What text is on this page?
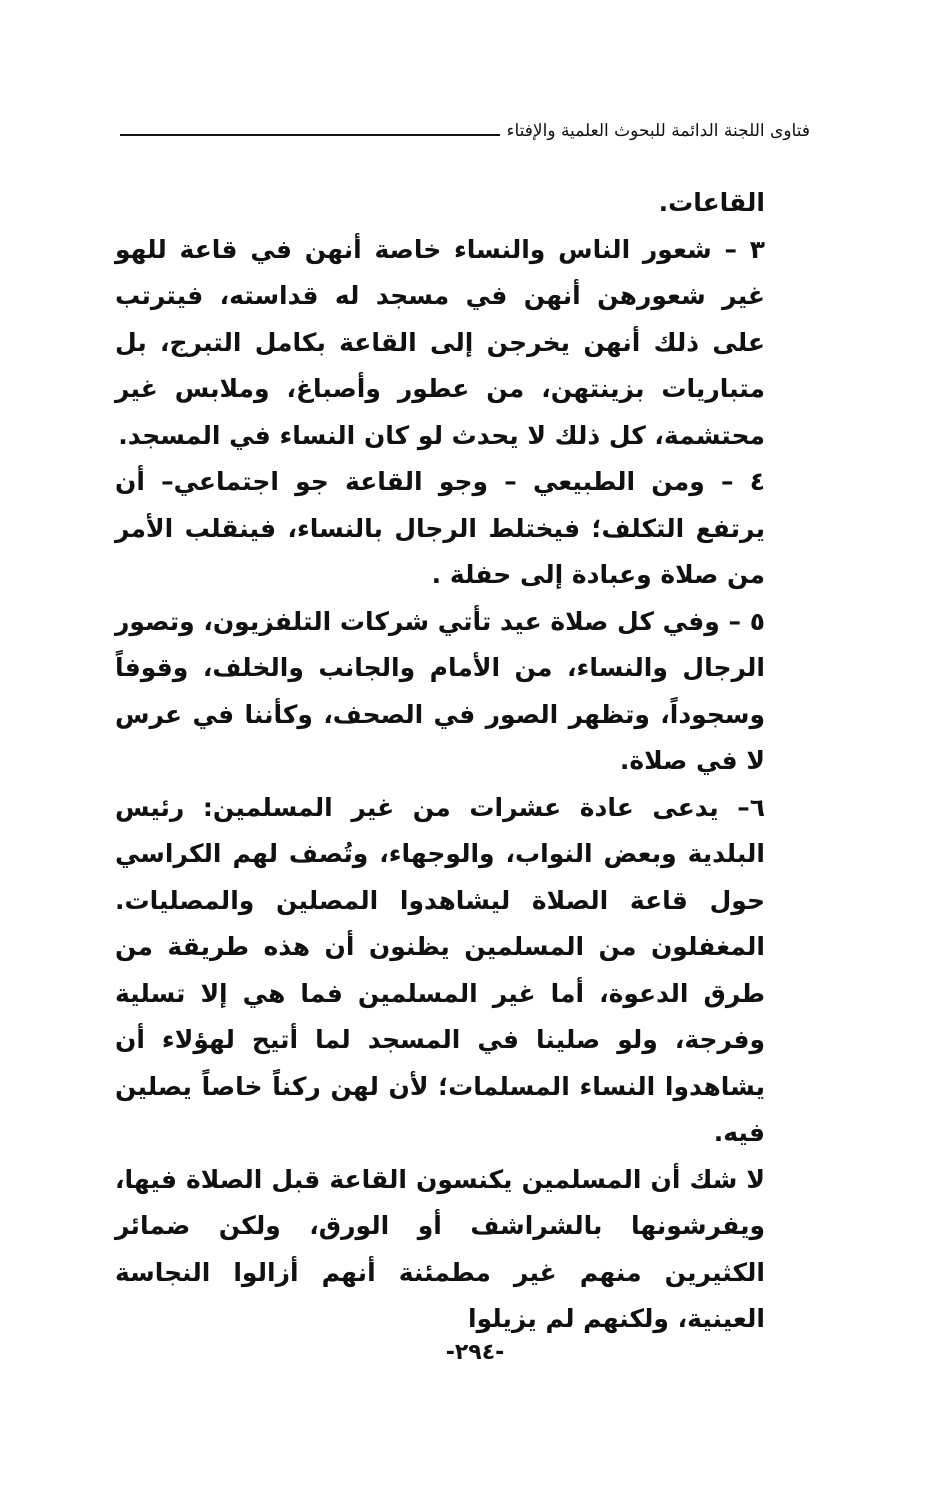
فتاوى اللجنة الدائمة للبحوث العلمية والإفتاء

القاعات.

٣ – شعور الناس والنساء خاصة أنهن في قاعة للهو غير شعورهن أنهن في مسجد له قداسته، فيترتب على ذلك أنهن يخرجن إلى القاعة بكامل التبرج، بل متباريات بزينتهن، من عطور وأصباغ، وملابس غير محتشمة، كل ذلك لا يحدث لو كان النساء في المسجد.

٤ – ومن الطبيعي – وجو القاعة جو اجتماعي– أن يرتفع التكلف؛ فيختلط الرجال بالنساء، فينقلب الأمر من صلاة وعبادة إلى حفلة .

٥ – وفي كل صلاة عيد تأتي شركات التلفزيون، وتصور الرجال والنساء، من الأمام والجانب والخلف، وقوفاً وسجوداً، وتظهر الصور في الصحف، وكأننا في عرس لا في صلاة.

٦– يدعى عادة عشرات من غير المسلمين: رئيس البلدية وبعض النواب، والوجهاء، وتُصف لهم الكراسي حول قاعة الصلاة ليشاهدوا المصلين والمصليات. المغفلون من المسلمين يظنون أن هذه طريقة من طرق الدعوة، أما غير المسلمين فما هي إلا تسلية وفرجة، ولو صلينا في المسجد لما أتيح لهؤلاء أن يشاهدوا النساء المسلمات؛ لأن لهن ركناً خاصاً يصلين فيه.

لا شك أن المسلمين يكنسون القاعة قبل الصلاة فيها، ويفرشونها بالشراشف أو الورق، ولكن ضمائر الكثيرين منهم غير مطمئنة أنهم أزالوا النجاسة العينية، ولكنهم لم يزيلوا

-٢٩٤-
